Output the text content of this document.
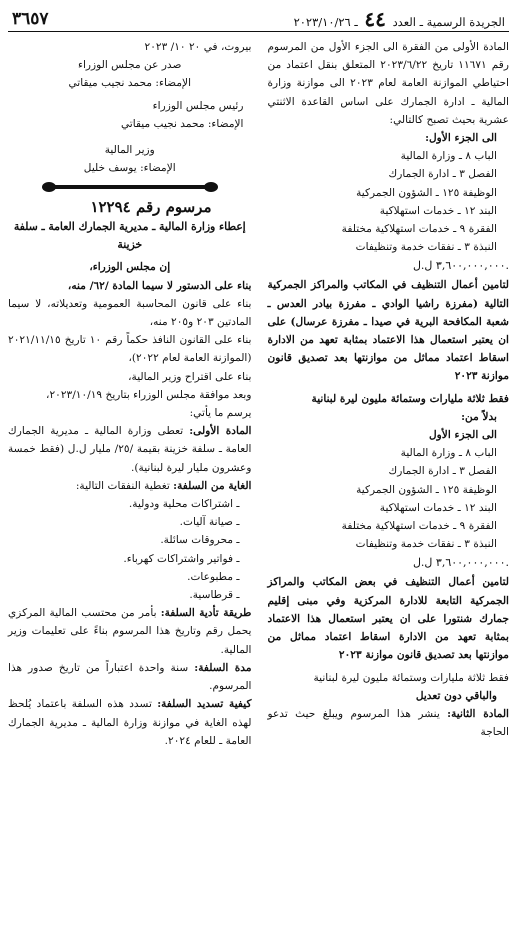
الجريدة الرسمية ـ العدد ٤٤ ـ ٢٠٢٣/١٠/٢٦
٣٦٥٧

المادة الأولى من الفقرة الى الجزء الأول من المرسوم رقم ١١٦٧١ تاريخ ٢٠٢٣/٦/٢٢ المتعلق بنقل اعتماد من احتياطي الموازنة العامة لعام ٢٠٢٣ الى موازنة وزارة المالية ـ ادارة الجمارك على اساس القاعدة الاثنتي عشرية بحيث تصبح كالتالي:

الى الجزء الأول:

الباب ٨ ـ وزارة المالية

الفصل ٣ ـ ادارة الجمارك

الوظيفة ١٢٥ ـ الشؤون الجمركية

البند ١٢ ـ خدمات استهلاكية

الفقرة ٩ ـ خدمات استهلاكية مختلفة

النبذة ٣ ـ نفقات خدمة وتنظيفات

٣,٦٠٠,٠٠٠,٠٠٠ ل.ل.

لتامين أعمال التنظيف في المكاتب والمراكز الجمركية التالية (مفرزة راشيا الوادي ـ مفرزة بيادر العدس ـ شعبة المكافحة البرية في صيدا ـ مفرزة عرسال) على ان يعتبر استعمال هذا الاعتماد بمثابة تعهد من الادارة اسقاط اعتماد مماثل من موازنتها بعد تصديق قانون موازنة ٢٠٢٣

فقط ثلاثة مليارات وستمائة مليون ليرة لبنانية

بدلاً من:

الى الجزء الأول

الباب ٨ ـ وزارة المالية

الفصل ٣ ـ ادارة الجمارك

الوظيفة ١٢٥ ـ الشؤون الجمركية

البند ١٢ ـ خدمات استهلاكية

الفقرة ٩ ـ خدمات استهلاكية مختلفة

النبذة ٣ ـ نفقات خدمة وتنظيفات

٣,٦٠٠,٠٠٠,٠٠٠ ل.ل.

لتامين أعمال التنظيف في بعض المكاتب والمراكز الجمركية التابعة للادارة المركزية وفي مبنى إقليم جمارك شنتورا على ان يعتبر استعمال هذا الاعتماد بمثابة تعهد من الادارة اسقاط اعتماد مماثل من موازنتها بعد تصديق قانون موازنة ٢٠٢٣

فقط ثلاثة مليارات وستمائة مليون ليرة لبنانية

والباقي دون تعديل

المادة الثانية: ينشر هذا المرسوم ويبلغ حيث تدعو الحاجة

بيروت، في ٢٠ ١٠/ ٢٠٢٣

صدر عن مجلس الوزراء

الإمضاء: محمد نجيب ميقاتي

رئيس مجلس الوزراء

الإمضاء: محمد نجيب ميقاتي

وزير المالية

الإمضاء: يوسف خليل

مرسوم رقم ١٢٢٩٤
إعطاء وزارة المالية ـ مديرية الجمارك العامة ـ سلفة خزينة

إن مجلس الوزراء،

بناء على الدستور لا سيما المادة /٦٢/ منه،

بناء على قانون المحاسبة العمومية وتعديلاته، لا سيما المادتين ٢٠٣ و٢٠٥ منه،

بناء على القانون النافذ حكماً رقم ١٠ تاريخ ٢٠٢١/١١/١٥ (الموازنة العامة لعام ٢٠٢٢)،

بناء على اقتراح وزير المالية،

وبعد موافقة مجلس الوزراء بتاريخ ٢٠٢٣/١٠/١٩،

يرسم ما يأتي:

المادة الأولى: تعطى وزارة المالية ـ مديرية الجمارك العامة ـ سلفة خزينة بقيمة /٢٥/ مليار ل.ل (فقط خمسة وعشرون مليار ليرة لبنانية).

الغاية من السلفة: تغطية النفقات التالية:

ـ اشتراكات محلية ودولية.

ـ صيانة آليات.

ـ محروقات سائلة.

ـ فواتير واشتراكات كهرباء.

ـ مطبوعات.

ـ قرطاسية.

طريقة تأدية السلفة: بأمر من محتسب المالية المركزي يحمل رقم وتاريخ هذا المرسوم بناءً على تعليمات وزير المالية.

مدة السلفة: سنة واحدة اعتباراً من تاريخ صدور هذا المرسوم.

كيفية تسديد السلفة: تسدد هذه السلفة باعتماد يُلحظ لهذه الغاية في موازنة وزارة المالية ـ مديرية الجمارك العامة ـ للعام ٢٠٢٤.
